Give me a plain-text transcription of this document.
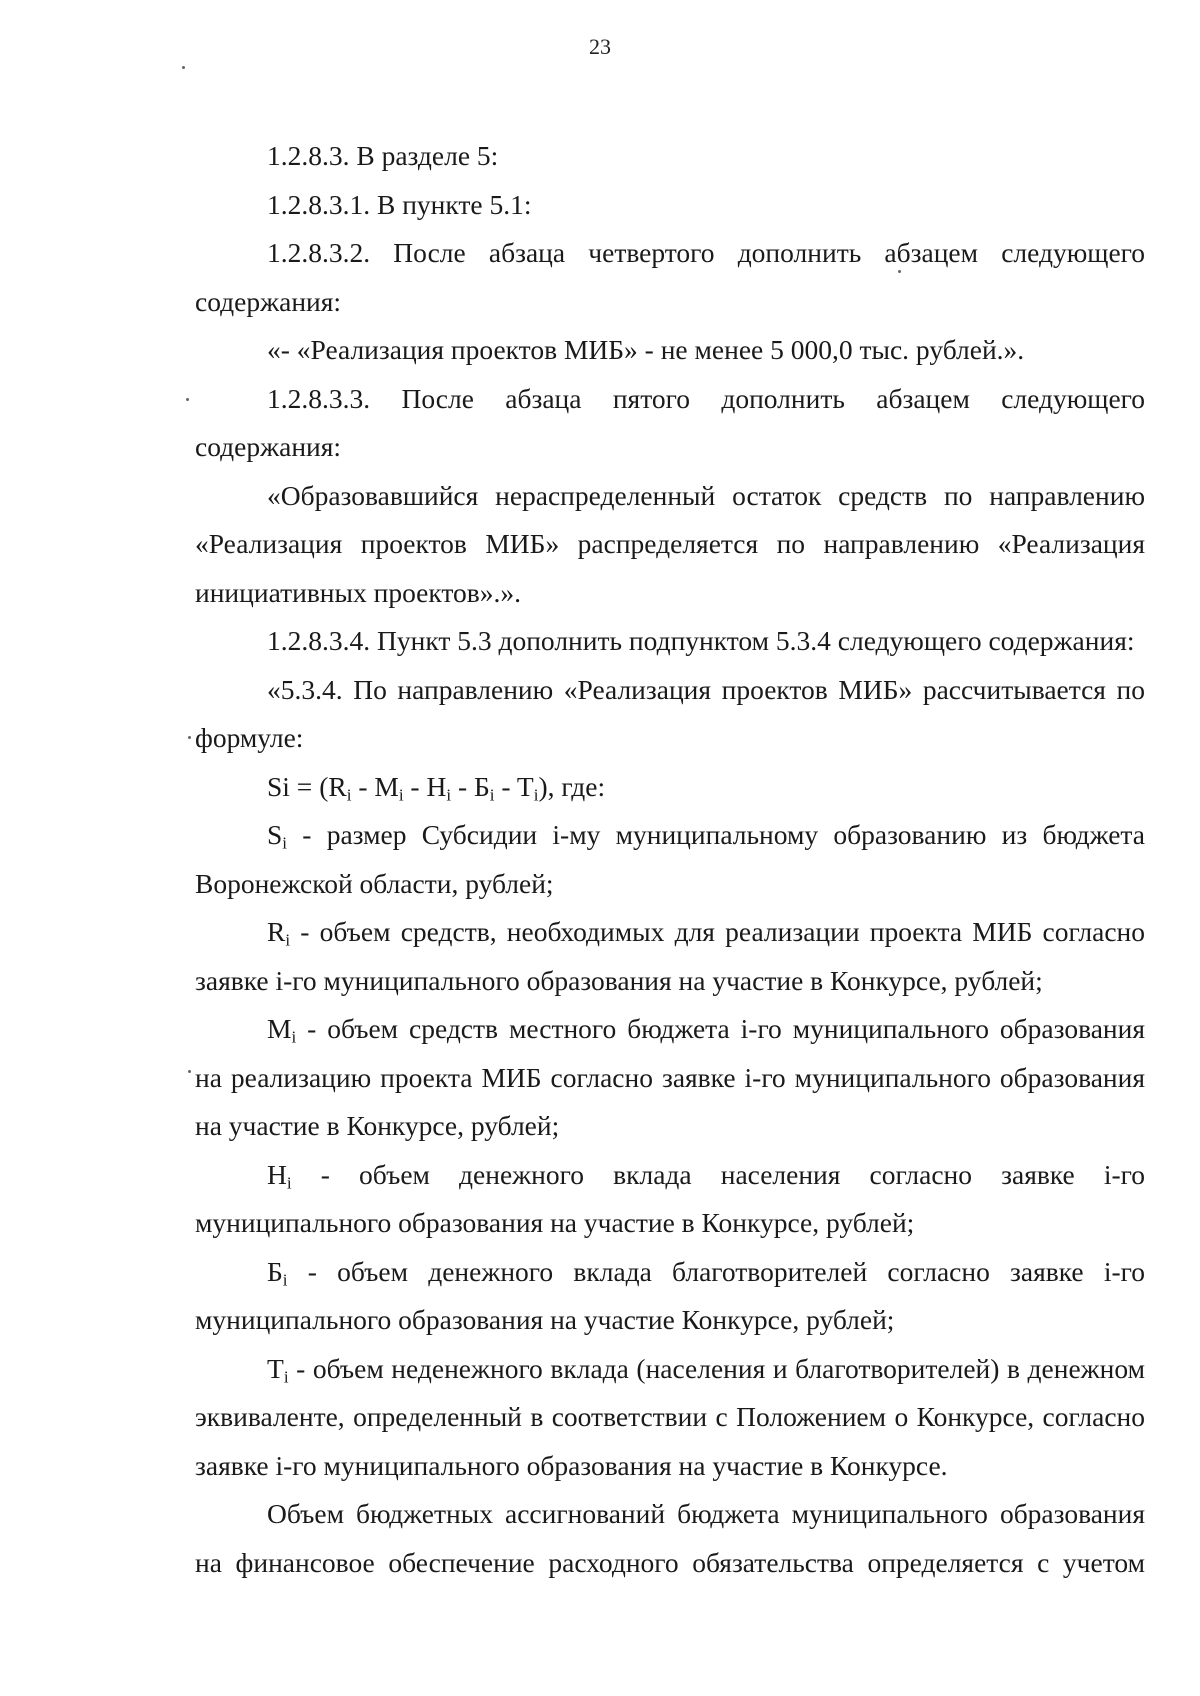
23

1.2.8.3. В разделе 5:

1.2.8.3.1. В пункте 5.1:

1.2.8.3.2. После абзаца четвертого дополнить абзацем следующего содержания:

«- «Реализация проектов МИБ» - не менее 5 000,0 тыс. рублей.».

1.2.8.3.3. После абзаца пятого дополнить абзацем следующего содержания:

«Образовавшийся нераспределенный остаток средств по направлению «Реализация проектов МИБ» распределяется по направлению «Реализация инициативных проектов».».

1.2.8.3.4. Пункт 5.3 дополнить подпунктом 5.3.4 следующего содержания:

«5.3.4. По направлению «Реализация проектов МИБ» рассчитывается по формуле:

$Si = (R_i - M_i - H_i - Б_i - T_i)$, где:

$S_i$ - размер Субсидии i-му муниципальному образованию из бюджета Воронежской области, рублей;

$R_i$ - объем средств, необходимых для реализации проекта МИБ согласно заявке i-го муниципального образования на участие в Конкурсе, рублей;

$M_i$ - объем средств местного бюджета i-го муниципального образования на реализацию проекта МИБ согласно заявке i-го муниципального образования на участие в Конкурсе, рублей;

$H_i$ - объем денежного вклада населения согласно заявке i-го муниципального образования на участие в Конкурсе, рублей;

$Б_i$ - объем денежного вклада благотворителей согласно заявке i-го муниципального образования на участие Конкурсе, рублей;

$T_i$ - объем неденежного вклада (населения и благотворителей) в денежном эквиваленте, определенный в соответствии с Положением о Конкурсе, согласно заявке i-го муниципального образования на участие в Конкурсе.

Объем бюджетных ассигнований бюджета муниципального образования на финансовое обеспечение расходного обязательства определяется с учетом
